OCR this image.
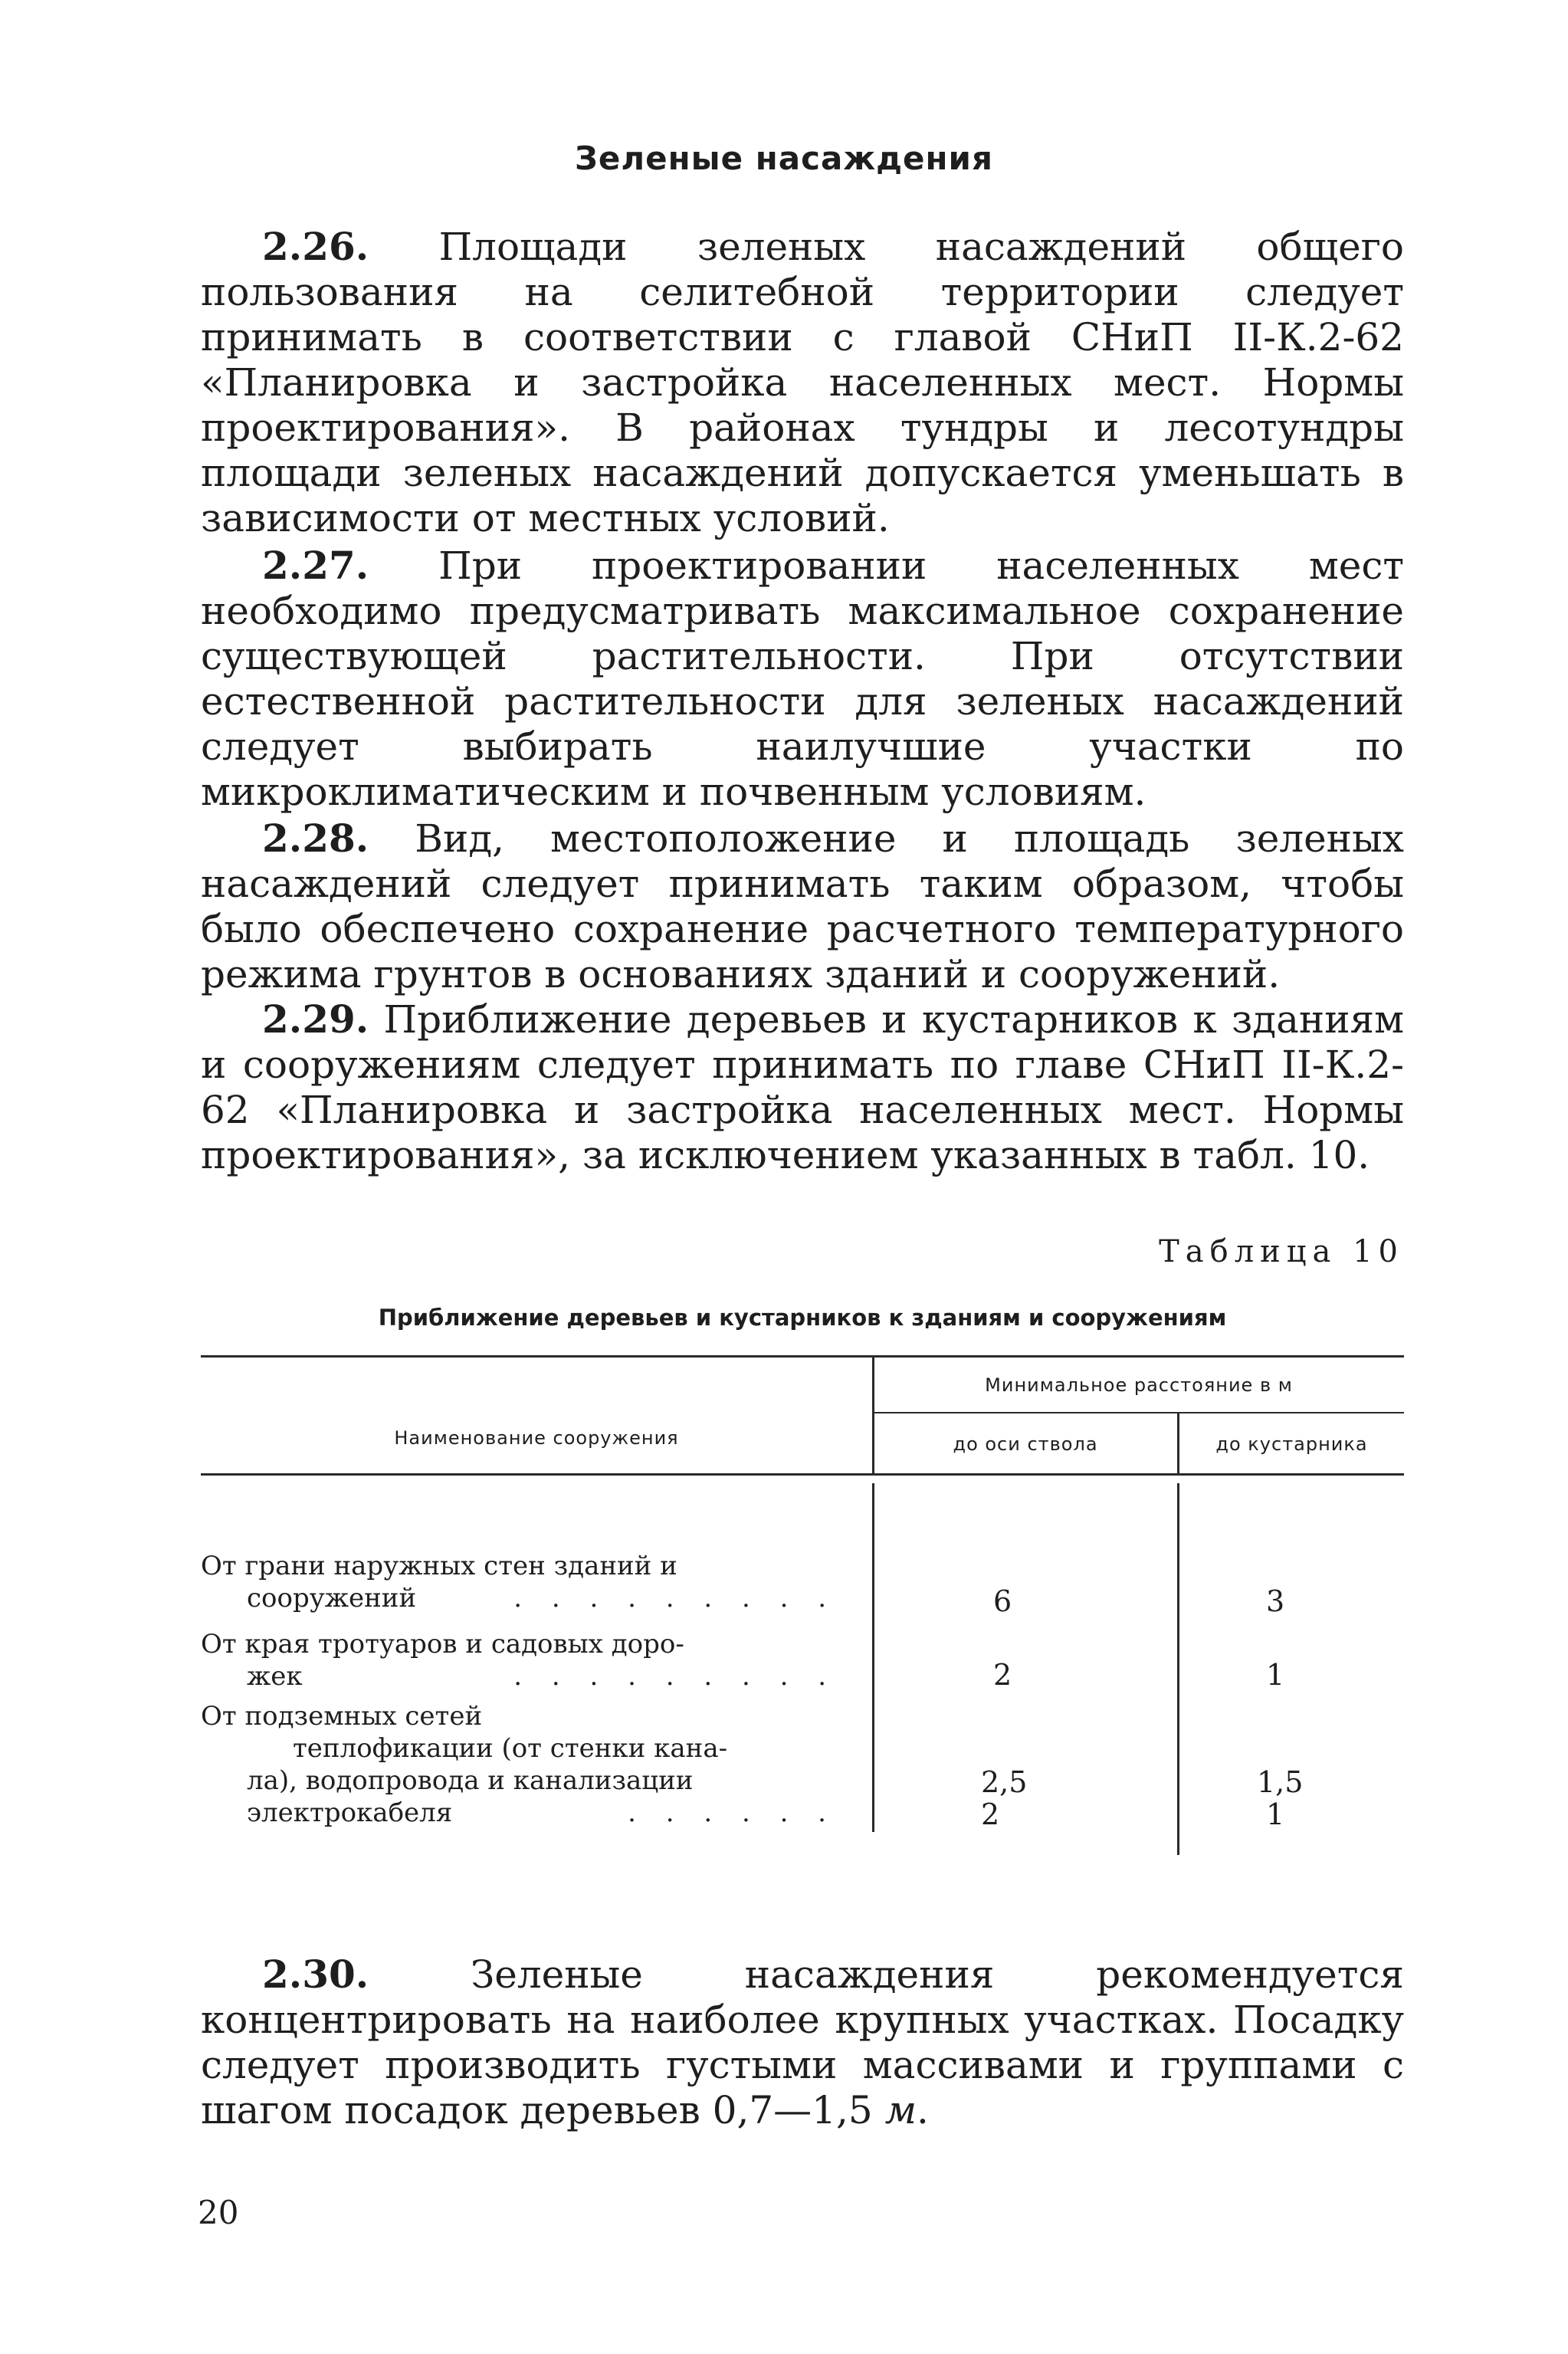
Зеленые насаждения

2.26. Площади зеленых насаждений общего пользования на селитебной территории следует принимать в соответствии с главой СНиП II-К.2-62 «Планировка и застройка населенных мест. Нормы проектирования». В районах тундры и лесотундры площади зеленых насаждений допускается уменьшать в зависимости от местных условий.

2.27. При проектировании населенных мест необходимо предусматривать максимальное сохранение существующей растительности. При отсутствии естественной растительности для зеленых насаждений следует выбирать наилучшие участки по микроклиматическим и почвенным условиям.

2.28. Вид, местоположение и площадь зеленых насаждений следует принимать таким образом, чтобы было обеспечено сохранение расчетного температурного режима грунтов в основаниях зданий и сооружений.

2.29. Приближение деревьев и кустарников к зданиям и сооружениям следует принимать по главе СНиП II-К.2-62 «Планировка и застройка населенных мест. Нормы проектирования», за исключением указанных в табл. 10.

Таблица 10
Приближение деревьев и кустарников к зданиям и сооружениям
Наименование сооружения
Минимальное расстояние в м
до оси ствола	до кустарника
От грани наружных стен зданий и
сооружений	. . . . . . . . .	6	3
От края тротуаров и садовых доро-
жек	. . . . . . . . .	2	1
От подземных сетей
теплофикации (от стенки кана-
ла), водопровода и канализации
электрокабеля	. . . . . .
2,5	1,5
2	1

2.30.	Зеленые насаждения рекомендуется концентрировать на наиболее крупных участках. Посадку следует производить густыми массивами и группами с шагом посадок деревьев 0,7—1,5 м.

20
